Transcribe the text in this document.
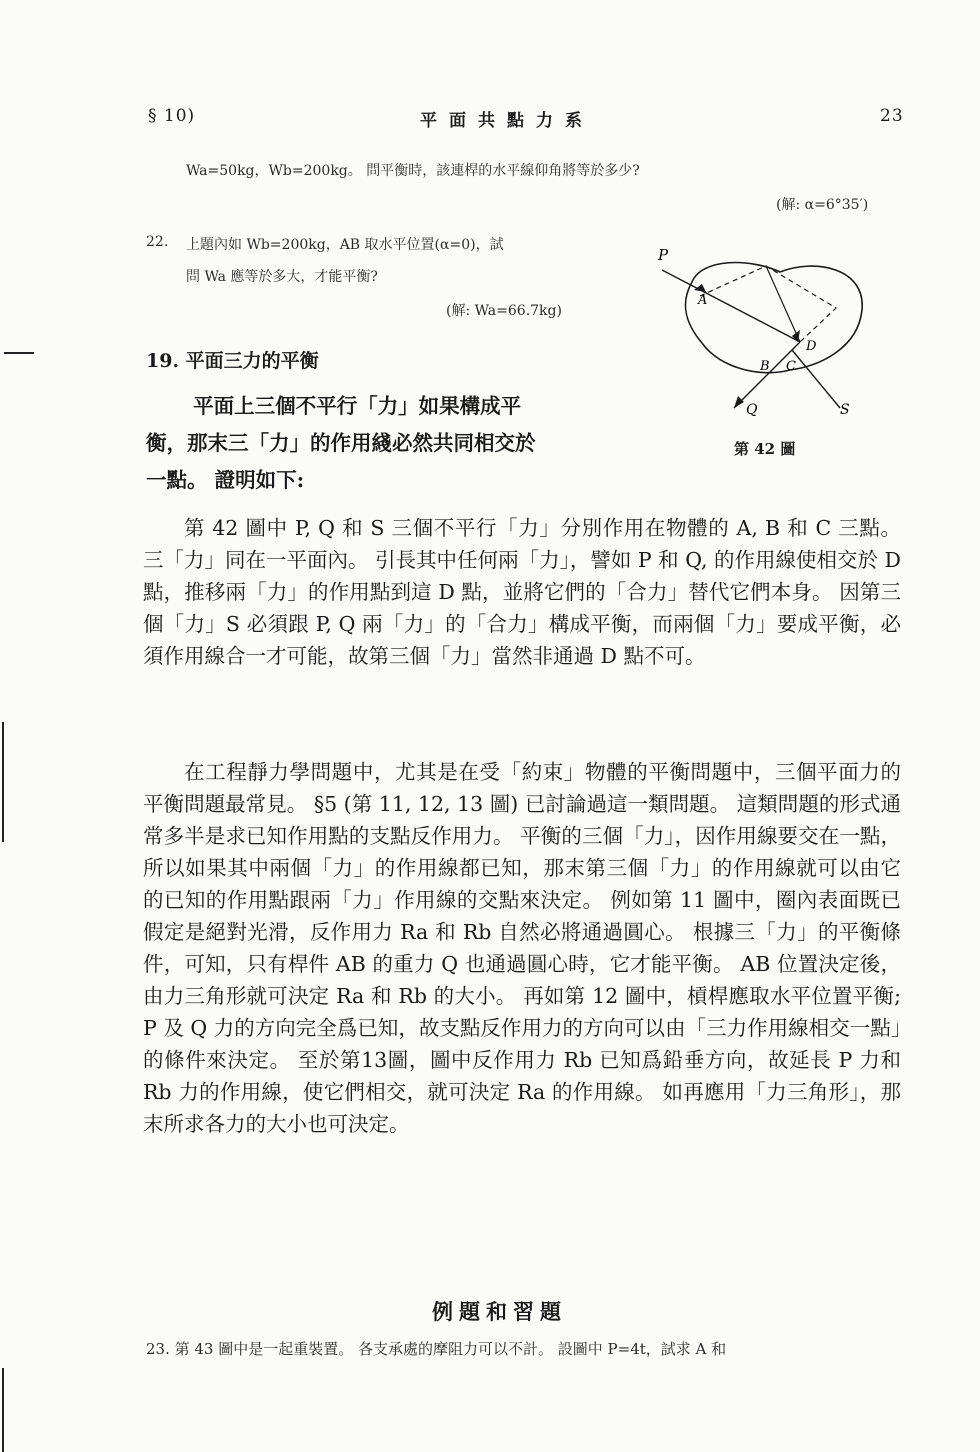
§ 10)	平面共點力系	23
Wa=50kg，Wb=200kg。 問平衡時，該連桿的水平線仰角將等於多少?
(解: α=6°35′)
22. 上題內如 Wb=200kg，AB 取水平位置(α=0)，試
問 Wa 應等於多大，才能平衡?
(解: Wa=66.7kg)
19. 平面三力的平衡
平面上三個不平行「力」如果構成平
衡，那末三「力」的作用綫必然共同相交於
一點。 證明如下:
P
A
B C
D
Q	S
第 42 圖

第 42 圖中 P, Q 和 S 三個不平行「力」分別作用在物體的 A, B 和 C 三點。 三「力」同在一平面內。 引長其中任何兩「力」，譬如 P 和 Q, 的作用線使相交於 D 點，推移兩「力」的作用點到這 D 點，並將它們的「合力」替代它們本身。 因第三個「力」S 必須跟 P, Q 兩「力」的「合力」構成平衡，而兩個「力」要成平衡，必須作用線合一才可能，故第三個「力」當然非通過 D 點不可。

在工程靜力學問題中，尤其是在受「約束」物體的平衡問題中，三個平面力的平衡問題最常見。 §5 (第 11, 12, 13 圖) 已討論過這一類問題。 這類問題的形式通常多半是求已知作用點的支點反作用力。 平衡的三個「力」，因作用線要交在一點，所以如果其中兩個「力」的作用線都已知，那末第三個「力」的作用線就可以由它的已知的作用點跟兩「力」作用線的交點來決定。 例如第 11 圖中，圈內表面既已假定是絕對光滑，反作用力 Ra 和 Rb 自然必將通過圓心。 根據三「力」的平衡條件，可知，只有桿件 AB 的重力 Q 也通過圓心時，它才能平衡。 AB 位置決定後，由力三角形就可決定 Ra 和 Rb 的大小。 再如第 12 圖中，槓桿應取水平位置平衡; P 及 Q 力的方向完全爲已知，故支點反作用力的方向可以由「三力作用線相交一點」的條件來決定。 至於第13圖，圖中反作用力 Rb 已知爲鉛垂方向，故延長 P 力和 Rb 力的作用線，使它們相交，就可決定 Ra 的作用線。 如再應用「力三角形」，那末所求各力的大小也可決定。

例題和習題
23. 第 43 圖中是一起重裝置。 各支承處的摩阻力可以不計。 設圖中 P=4t，試求 A 和
